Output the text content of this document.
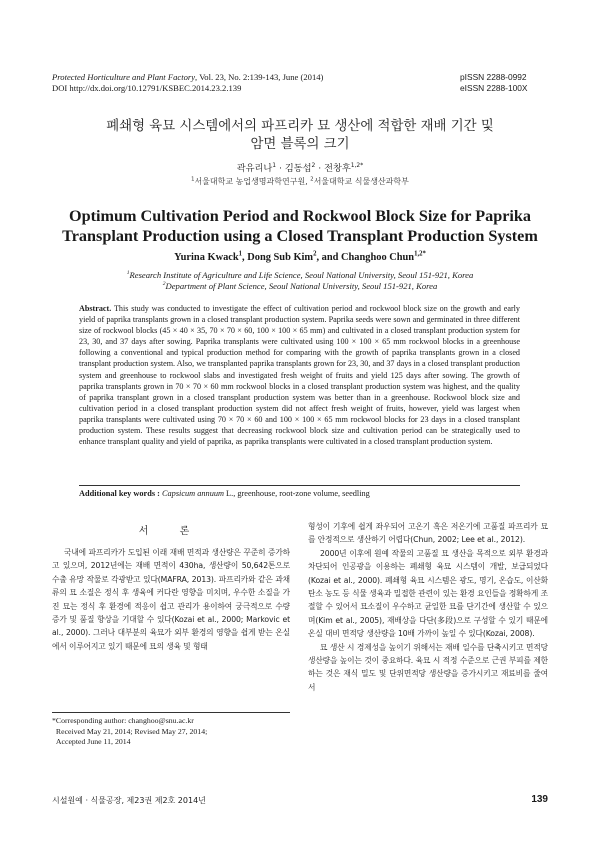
Protected Horticulture and Plant Factory, Vol. 23, No. 2:139-143, June (2014)
DOI http://dx.doi.org/10.12791/KSBEC.2014.23.2.139
pISSN 2288-0992
eISSN 2288-100X
폐쇄형 육묘 시스템에서의 파프리카 묘 생산에 적합한 재배 기간 및
암면 블록의 크기
곽유리나$^1$ · 김동섭$^2$ · 전창후$^{1,2*}$
$^1$서울대학교 농업생명과학연구원, $^2$서울대학교 식물생산과학부
Optimum Cultivation Period and Rockwool Block Size for Paprika
Transplant Production using a Closed Transplant Production System
Yurina Kwack$^1$, Dong Sub Kim$^2$, and Changhoo Chun$^{1,2*}$
$^1$Research Institute of Agriculture and Life Science, Seoul National University, Seoul 151-921, Korea
$^2$Department of Plant Science, Seoul National University, Seoul 151-921, Korea
Abstract. This study was conducted to investigate the effect of cultivation period and rockwool block size on the growth and early yield of paprika transplants grown in a closed transplant production system. Paprika seeds were sown and germinated in three different size of rockwool blocks (45 × 40 × 35, 70 × 70 × 60, 100 × 100 × 65 mm) and cultivated in a closed transplant production system for 23, 30, and 37 days after sowing. Paprika transplants were cultivated using 100 × 100 × 65 mm rockwool blocks in a greenhouse following a conventional and typical production method for comparing with the growth of paprika transplants grown in a closed transplant production system. Also, we transplanted paprika transplants grown for 23, 30, and 37 days in a closed transplant production system and greenhouse to rockwool slabs and investigated fresh weight of fruits and yield 125 days after sowing. The growth of paprika transplants grown in 70 × 70 × 60 mm rockwool blocks in a closed transplant production system was highest, and the quality of paprika transplant grown in a closed transplant production system was better than in a greenhouse. Rockwool block size and cultivation period in a closed transplant production system did not affect fresh weight of fruits, however, yield was largest when paprika transplants were cultivated using 70 × 70 × 60 and 100 × 100 × 65 mm rockwool blocks for 23 days in a closed transplant production system. These results suggest that decreasing rockwool block size and cultivation period can be strategically used to enhance transplant quality and yield of paprika, as paprika transplants were cultivated in a closed transplant production system.
Additional key words : Capsicum annuum L., greenhouse, root-zone volume, seedling
서 론

국내에 파프리카가 도입된 이래 재배 면적과 생산량은 꾸준히 증가하고 있으며, 2012년에는 재배 면적이 430ha, 생산량이 50,642톤으로 수출 유망 작물로 각광받고 있다(MAFRA, 2013). 파프리카와 같은 과채류의 묘 소질은 정식 후 생육에 커다란 영향을 미치며, 우수한 소질을 가진 묘는 정식 후 환경에 적응이 쉽고 관리가 용이하여 궁극적으로 수량 증가 및 품질 향상을 기대할 수 있다(Kozai et al., 2000; Markovic et al., 2000). 그러나 대부분의 육묘가 외부 환경의 영향을 쉽게 받는 온실에서 이루어지고 있기 때문에 묘의 생육 및 형태

형성이 기후에 쉽게 좌우되어 고온기 혹은 저온기에 고품질 파프리카 묘를 안정적으로 생산하기 어렵다(Chun, 2002; Lee et al., 2012).

2000년 이후에 원예 작물의 고품질 묘 생산을 목적으로 외부 환경과 차단되어 인공광을 이용하는 폐쇄형 육묘 시스템이 개발, 보급되었다(Kozai et al., 2000). 폐쇄형 육묘 시스템은 광도, 명기, 온습도, 이산화탄소 농도 등 식물 생육과 밀접한 관련이 있는 환경 요인들을 정확하게 조절할 수 있어서 묘소질이 우수하고 균일한 묘를 단기간에 생산할 수 있으며(Kim et al., 2005), 재배상을 다단(多段)으로 구성할 수 있기 때문에 온실 대비 면적당 생산량을 10배 가까이 높일 수 있다(Kozai, 2008).

묘 생산 시 경제성을 높이기 위해서는 재배 일수를 단축시키고 면적당 생산량을 높이는 것이 중요하다. 육묘 시 적정 수준으로 근권 부피를 제한하는 것은 재식 밀도 및 단위면적당 생산량을 증가시키고 재료비를 줄여서

*Corresponding author: changhoo@snu.ac.kr
Received May 21, 2014; Revised May 27, 2014;
Accepted June 11, 2014
시설원예 · 식물공장, 제23권 제2호 2014년	139
